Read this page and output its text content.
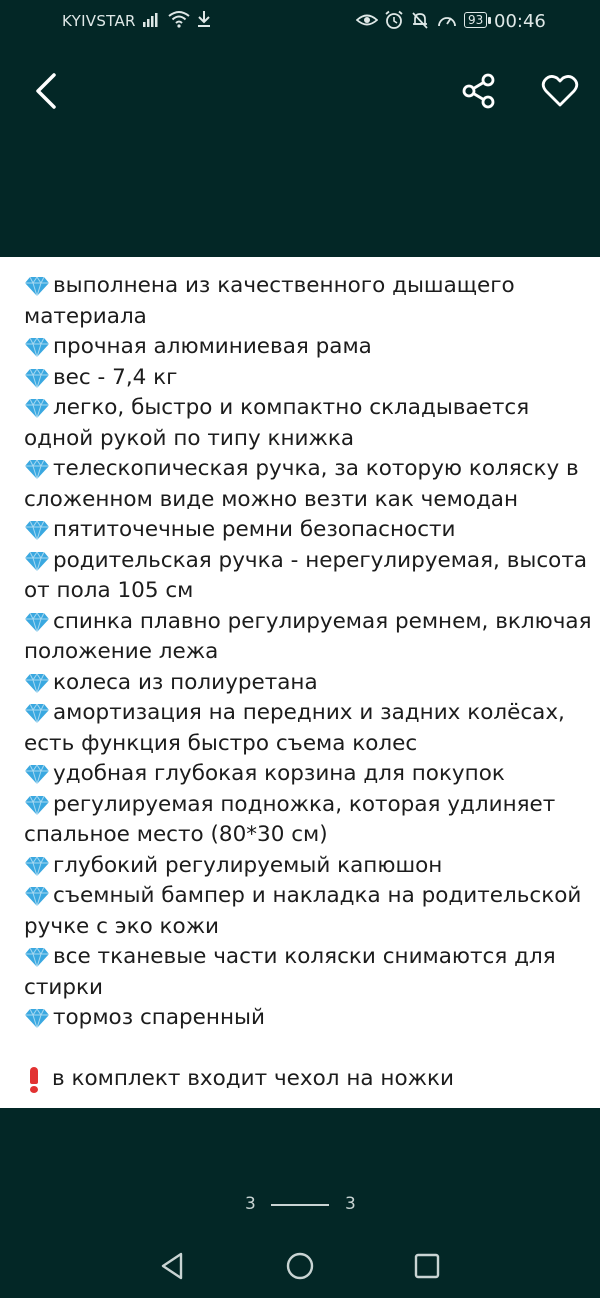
KYIVSTAR	93 00:46
выполнена из качественного дышащего
материала
прочная алюминиевая рама
вес - 7,4 кг
легко, быстро и компактно складывается
одной рукой по типу книжка
телескопическая ручка, за которую коляску в
сложенном виде можно везти как чемодан
пятиточечные ремни безопасности
родительская ручка - нерегулируемая, высота
от пола 105 см
спинка плавно регулируемая ремнем, включая
положение лежа
колеса из полиуретана
амортизация на передних и задних колёсах,
есть функция быстро съема колес
удобная глубокая корзина для покупок
регулируемая подножка, которая удлиняет
спальное место (80*30 см)
глубокий регулируемый капюшон
съемный бампер и накладка на родительской
ручке с эко кожи
все тканевые части коляски снимаются для
стирки
тормоз спаренный
в комплект входит чехол на ножки
3	3
